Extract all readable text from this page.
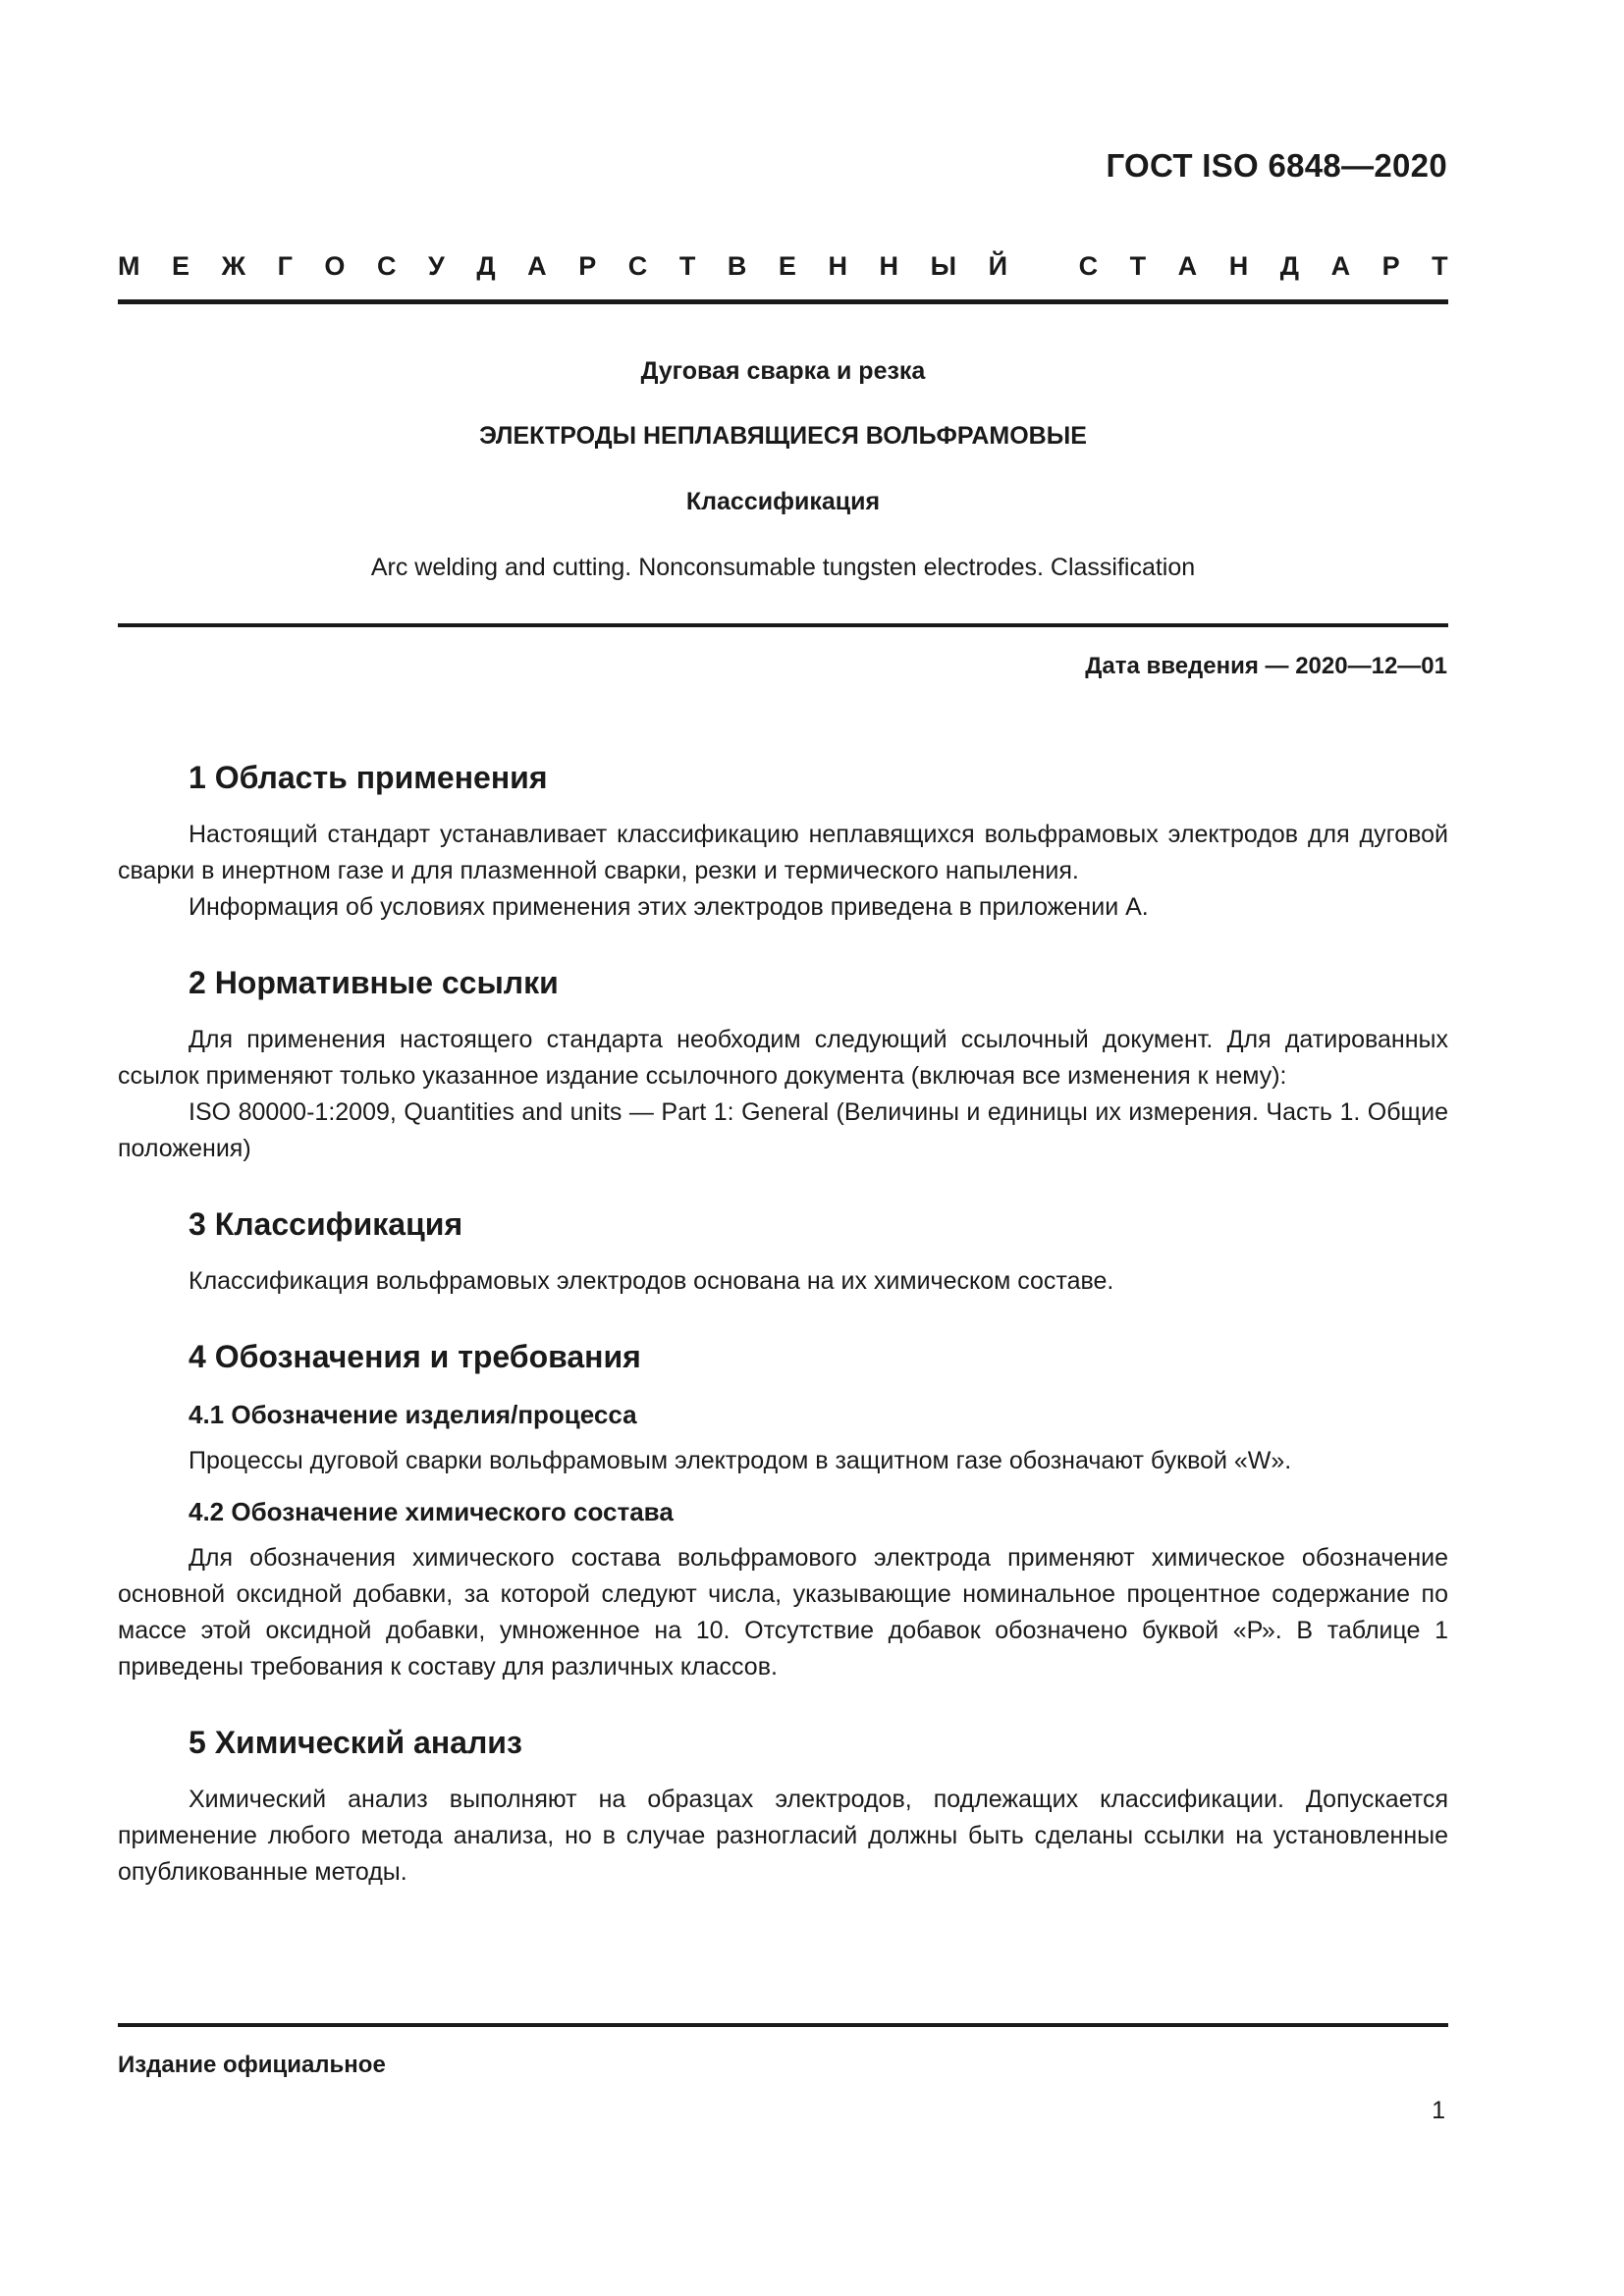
ГОСТ ISO 6848—2020
М Е Ж Г О С У Д А Р С Т В Е Н Н Ы Й
	С Т А Н Д А Р Т
Дуговая сварка и резка
ЭЛЕКТРОДЫ НЕПЛАВЯЩИЕСЯ ВОЛЬФРАМОВЫЕ
Классификация
Arc welding and cutting. Nonconsumable tungsten electrodes. Classification
Дата введения — 2020—12—01
1 Область применения

Настоящий стандарт устанавливает классификацию неплавящихся вольфрамовых электродов для дуговой сварки в инертном газе и для плазменной сварки, резки и термического напыления.

Информация об условиях применения этих электродов приведена в приложении А.

2 Нормативные ссылки

Для применения настоящего стандарта необходим следующий ссылочный документ. Для датированных ссылок применяют только указанное издание ссылочного документа (включая все изменения к нему):

ISO 80000-1:2009, Quantities and units — Part 1: General (Величины и единицы их измерения. Часть 1. Общие положения)

3 Классификация

Классификация вольфрамовых электродов основана на их химическом составе.

4 Обозначения и требования
4.1 Обозначение изделия/процесса

Процессы дуговой сварки вольфрамовым электродом в защитном газе обозначают буквой «W».

4.2 Обозначение химического состава

Для обозначения химического состава вольфрамового электрода применяют химическое обозначение основной оксидной добавки, за которой следуют числа, указывающие номинальное процентное содержание по массе этой оксидной добавки, умноженное на 10. Отсутствие добавок обозначено буквой «Р». В таблице 1 приведены требования к составу для различных классов.

5 Химический анализ

Химический анализ выполняют на образцах электродов, подлежащих классификации. Допускается применение любого метода анализа, но в случае разногласий должны быть сделаны ссылки на установленные опубликованные методы.

Издание официальное
1
